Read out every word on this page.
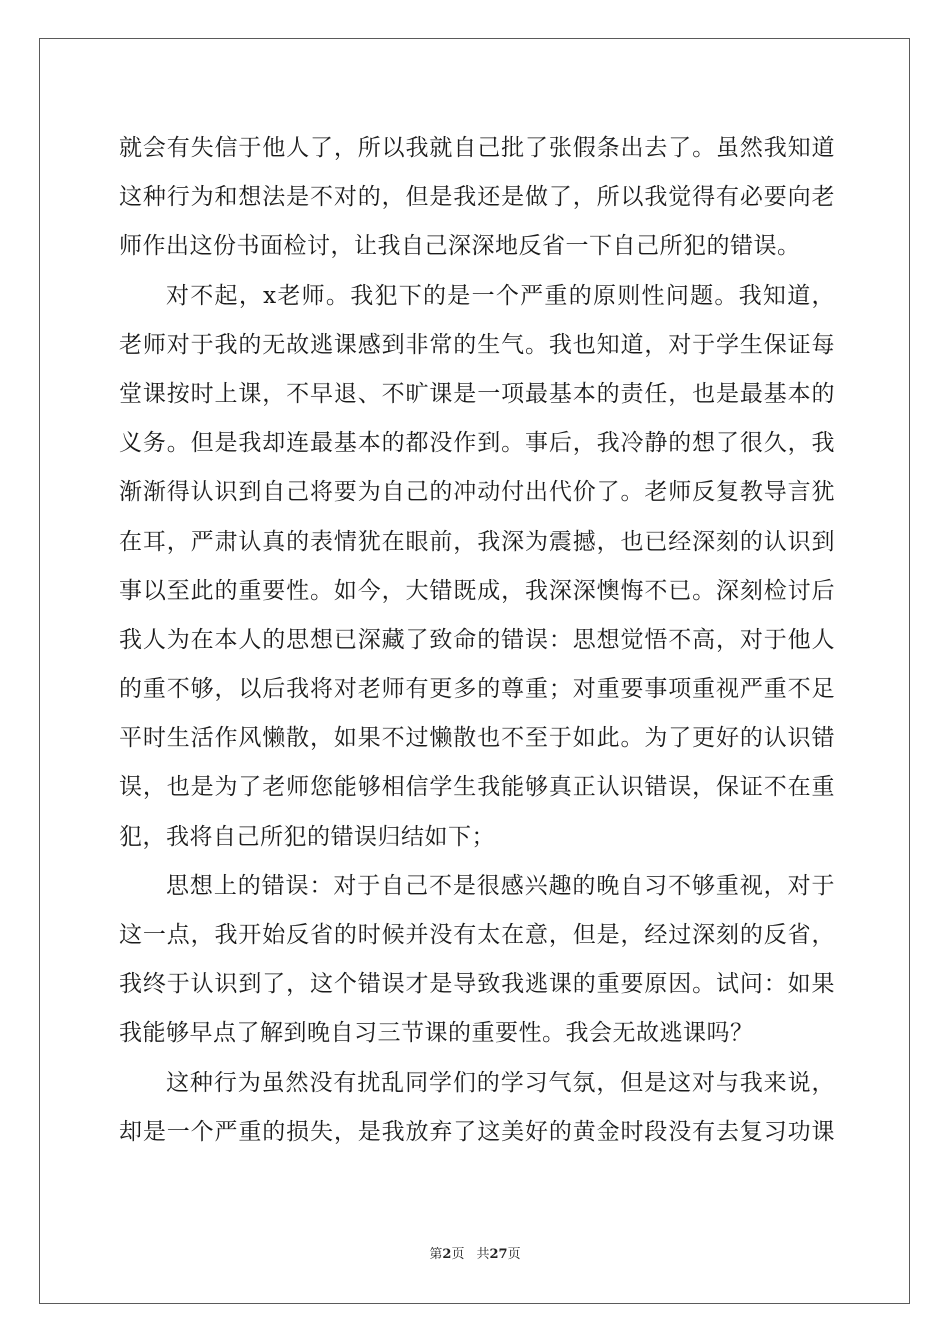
就会有失信于他人了，所以我就自己批了张假条出去了。虽然我知道
这种行为和想法是不对的，但是我还是做了，所以我觉得有必要向老
师作出这份书面检讨，让我自己深深地反省一下自己所犯的错误。
对不起，x老师。我犯下的是一个严重的原则性问题。我知道，
老师对于我的无故逃课感到非常的生气。我也知道，对于学生保证每
堂课按时上课，不早退、不旷课是一项最基本的责任，也是最基本的
义务。但是我却连最基本的都没作到。事后，我冷静的想了很久，我
渐渐得认识到自己将要为自己的冲动付出代价了。老师反复教导言犹
在耳，严肃认真的表情犹在眼前，我深为震撼，也已经深刻的认识到
事以至此的重要性。如今，大错既成，我深深懊悔不已。深刻检讨后
我人为在本人的思想已深藏了致命的错误：思想觉悟不高，对于他人
的重不够，以后我将对老师有更多的尊重；对重要事项重视严重不足
平时生活作风懒散，如果不过懒散也不至于如此。为了更好的认识错
误，也是为了老师您能够相信学生我能够真正认识错误，保证不在重
犯，我将自己所犯的错误归结如下；
思想上的错误：对于自己不是很感兴趣的晚自习不够重视，对于
这一点，我开始反省的时候并没有太在意，但是，经过深刻的反省，
我终于认识到了，这个错误才是导致我逃课的重要原因。试问：如果
我能够早点了解到晚自习三节课的重要性。我会无故逃课吗？
这种行为虽然没有扰乱同学们的学习气氛，但是这对与我来说，
却是一个严重的损失，是我放弃了这美好的黄金时段没有去复习功课
第2页 共27页
